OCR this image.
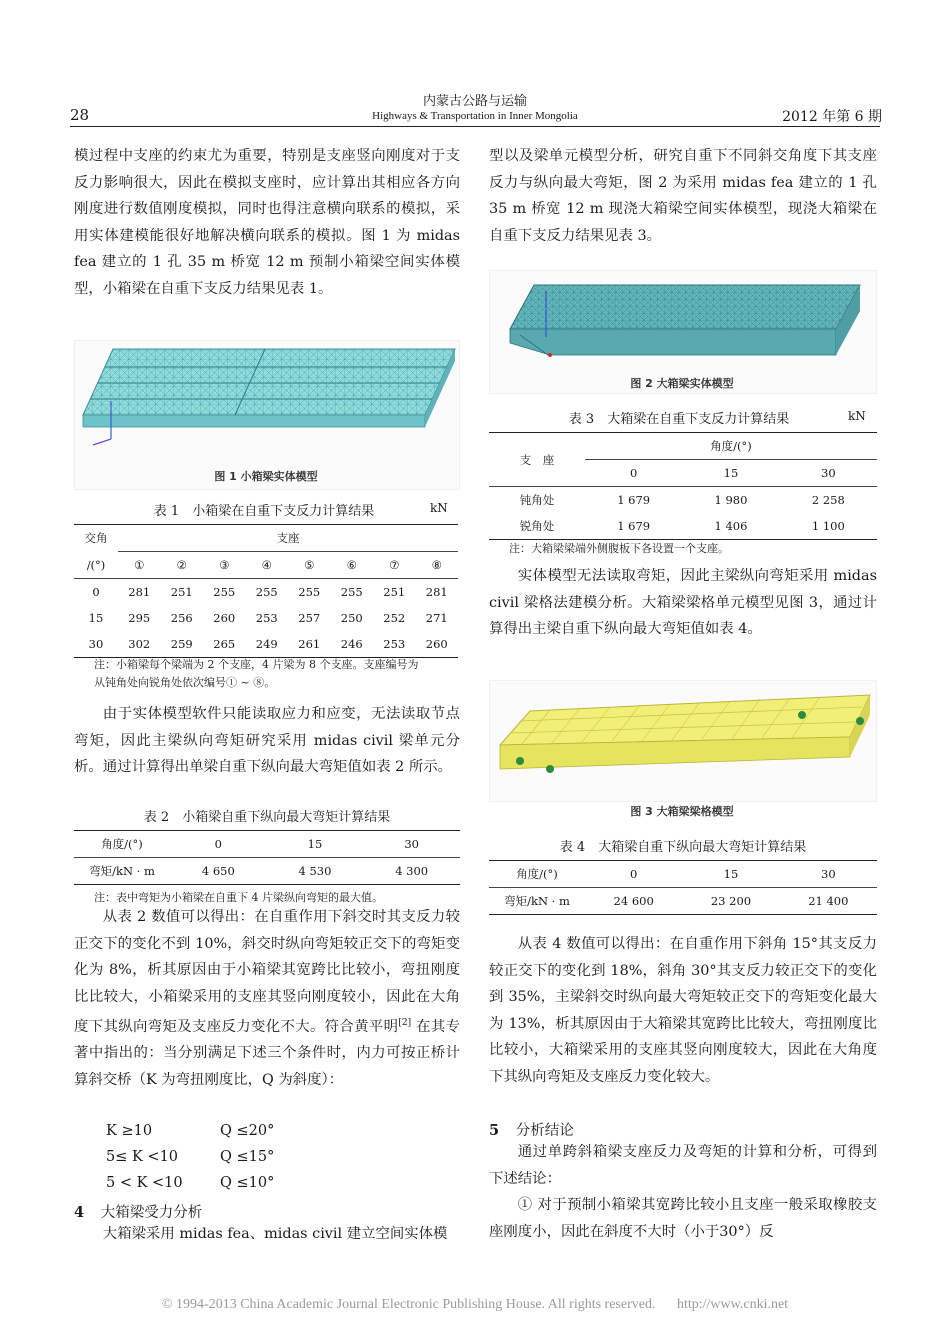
28
内蒙古公路与运输
Highways & Transportation in Inner Mongolia	2012 年第 6 期

模过程中支座的约束尤为重要，特别是支座竖向刚度对于支反力影响很大，因此在模拟支座时，应计算出其相应各方向刚度进行数值刚度模拟，同时也得注意横向联系的模拟，采用实体建模能很好地解决横向联系的模拟。图 1 为 midas fea 建立的 1 孔 35 m 桥宽 12 m 预制小箱梁空间实体模型，小箱梁在自重下支反力结果见表 1。

图 1 小箱梁实体模型
表 1　小箱梁在自重下支反力计算结果	kN
交角	支座							
/(°)	①	②	③	④	⑤	⑥	⑦	⑧
0	281	251	255	255	255	255	251	281
15	295	256	260	253	257	250	252	271
30	302	259	265	249	261	246	253	260
注：小箱梁每个梁端为 2 个支座，4 片梁为 8 个支座。支座编号为
从钝角处向锐角处依次编号① ~ ⑧。

由于实体模型软件只能读取应力和应变，无法读取节点弯矩，因此主梁纵向弯矩研究采用 midas civil 梁单元分析。通过计算得出单梁自重下纵向最大弯矩值如表 2 所示。

表 2　小箱梁自重下纵向最大弯矩计算结果
角度/(°)	0	15	30
弯矩/kN · m	4 650	4 530	4 300
注：表中弯矩为小箱梁在自重下 4 片梁纵向弯矩的最大值。

从表 2 数值可以得出：在自重作用下斜交时其支反力较正交下的变化不到 10%，斜交时纵向弯矩较正交下的弯矩变化为 8%，析其原因由于小箱梁其宽跨比比较小，弯扭刚度比比较大，小箱梁采用的支座其竖向刚度较小，因此在大角度下其纵向弯矩及支座反力变化不大。符合黄平明[2] 在其专著中指出的：当分别满足下述三个条件时，内力可按正桥计算斜交桥（K 为弯扭刚度比，Q 为斜度）：

K ≥10	Q ≤20°
5≤ K <10	Q ≤15°
5 < K <10	Q ≤10°
4 大箱梁受力分析

大箱梁采用 midas fea、midas civil 建立空间实体模

型以及梁单元模型分析，研究自重下不同斜交角度下其支座反力与纵向最大弯矩，图 2 为采用 midas fea 建立的 1 孔 35 m 桥宽 12 m 现浇大箱梁空间实体模型，现浇大箱梁在自重下支反力结果见表 3。

图 2 大箱梁实体模型
表 3　大箱梁在自重下支反力计算结果	kN
支　座	角度/(°)		
	0	15	30
钝角处	1 679	1 980	2 258
锐角处	1 679	1 406	1 100
注：大箱梁梁端外侧腹板下各设置一个支座。

实体模型无法读取弯矩，因此主梁纵向弯矩采用 midas civil 梁格法建模分析。大箱梁梁格单元模型见图 3，通过计算得出主梁自重下纵向最大弯矩值如表 4。

图 3 大箱梁梁格模型
表 4　大箱梁自重下纵向最大弯矩计算结果
角度/(°)	0	15	30
弯矩/kN · m	24 600	23 200	21 400

从表 4 数值可以得出：在自重作用下斜角 15°其支反力较正交下的变化到 18%，斜角 30°其支反力较正交下的变化到 35%，主梁斜交时纵向最大弯矩较正交下的弯矩变化最大为 13%，析其原因由于大箱梁其宽跨比比较大，弯扭刚度比比较小，大箱梁采用的支座其竖向刚度较大，因此在大角度下其纵向弯矩及支座反力变化较大。

5 分析结论

通过单跨斜箱梁支座反力及弯矩的计算和分析，可得到下述结论：

① 对于预制小箱梁其宽跨比较小且支座一般采取橡胶支座刚度小，因此在斜度不大时（小于30°）反

© 1994-2013 China Academic Journal Electronic Publishing House. All rights reserved. http://www.cnki.net
